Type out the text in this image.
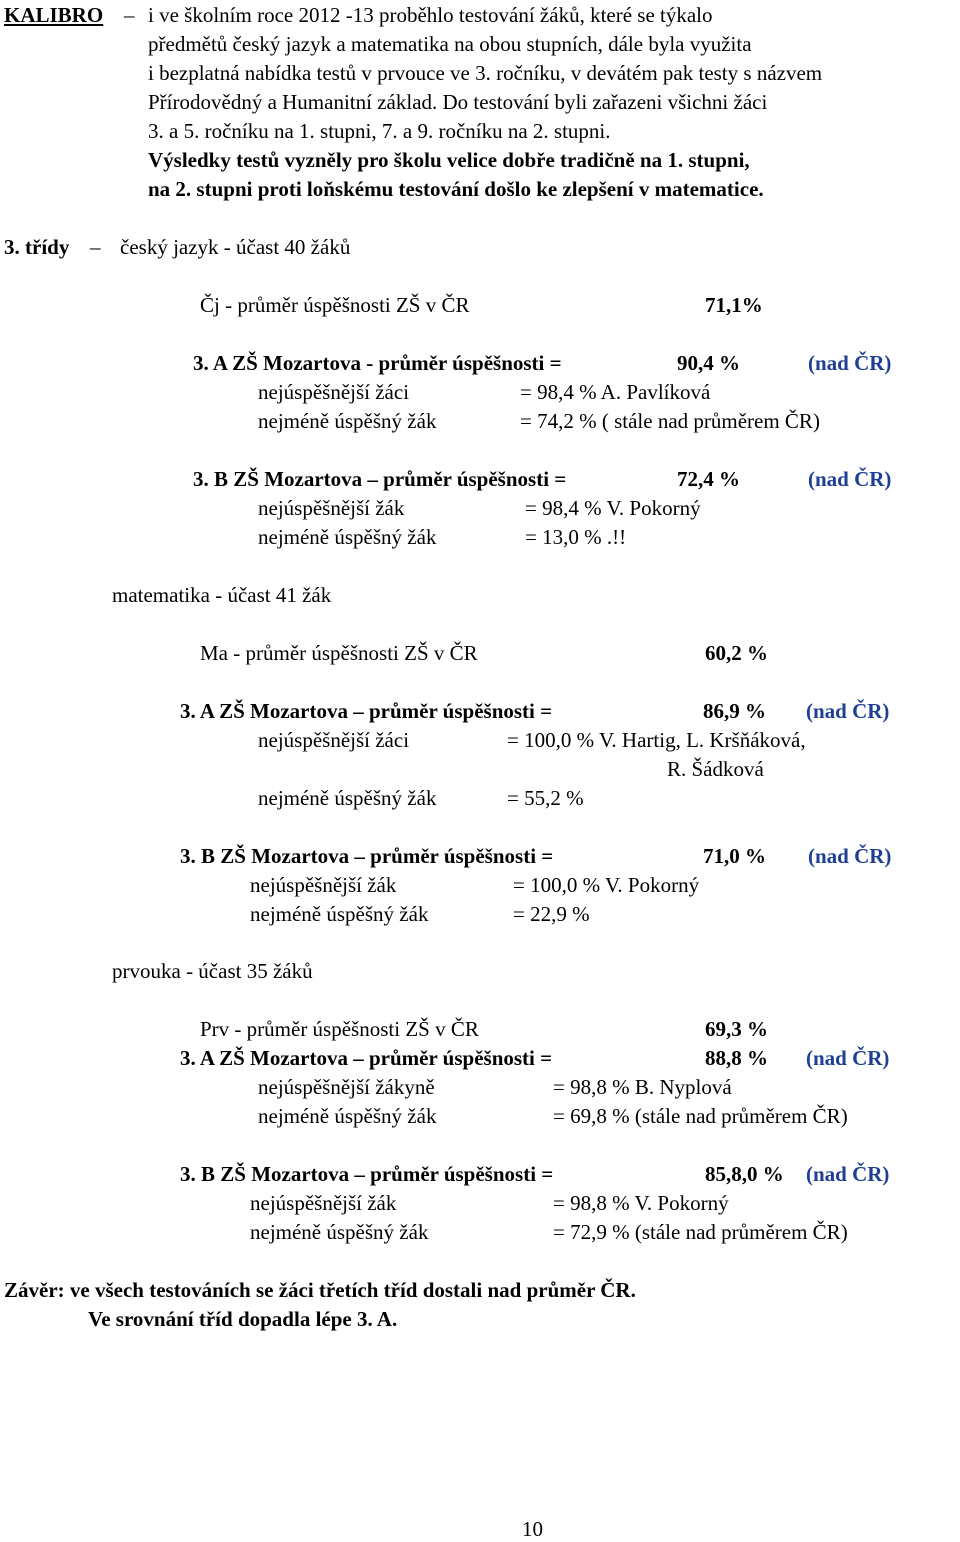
KALIBRO – i ve školním roce 2012 -13 proběhlo testování žáků, které se týkalo
předmětů český jazyk a matematika na obou stupních, dále byla využita
i bezplatná nabídka testů v prvouce ve 3. ročníku, v devátém pak testy s názvem
Přírodovědný a Humanitní základ. Do testování byli zařazeni všichni žáci
3. a 5. ročníku na 1. stupni, 7. a 9. ročníku na 2. stupni.
Výsledky testů vyzněly pro školu velice dobře tradičně na 1. stupni,
na 2. stupni proti loňskému testování došlo ke zlepšení v matematice.
3. třídy – český jazyk - účast 40 žáků
Čj - průměr úspěšnosti ZŠ v ČR	71,1%
3. A ZŠ Mozartova - průměr úspěšnosti =	90,4 %	(nad ČR)
nejúspěšnější žáci	= 98,4 % A. Pavlíková
nejméně úspěšný žák	= 74,2 % ( stále nad průměrem ČR)
3. B ZŠ Mozartova – průměr úspěšnosti =	72,4 %	(nad ČR)
nejúspěšnější žák	= 98,4 % V. Pokorný
nejméně úspěšný žák	= 13,0 % .!!
matematika - účast 41 žák
Ma - průměr úspěšnosti ZŠ v ČR	60,2 %
3. A ZŠ Mozartova – průměr úspěšnosti =	86,9 % (nad ČR)
nejúspěšnější žáci	= 100,0 % V. Hartig, L. Kršňáková,
R. Šádková
nejméně úspěšný žák	= 55,2 %
3. B ZŠ Mozartova – průměr úspěšnosti =	71,0 % (nad ČR)
nejúspěšnější žák	= 100,0 % V. Pokorný
nejméně úspěšný žák	= 22,9 %
prvouka - účast 35 žáků
Prv - průměr úspěšnosti ZŠ v ČR	69,3 %
3. A ZŠ Mozartova – průměr úspěšnosti =	88,8 % (nad ČR)
nejúspěšnější žákyně	= 98,8 % B. Nyplová
nejméně úspěšný žák	= 69,8 % (stále nad průměrem ČR)
3. B ZŠ Mozartova – průměr úspěšnosti =	85,8,0 % (nad ČR)
nejúspěšnější žák	= 98,8 % V. Pokorný
nejméně úspěšný žák	= 72,9 % (stále nad průměrem ČR)
Závěr: ve všech testováních se žáci třetích tříd dostali nad průměr ČR.
Ve srovnání tříd dopadla lépe 3. A.
10
